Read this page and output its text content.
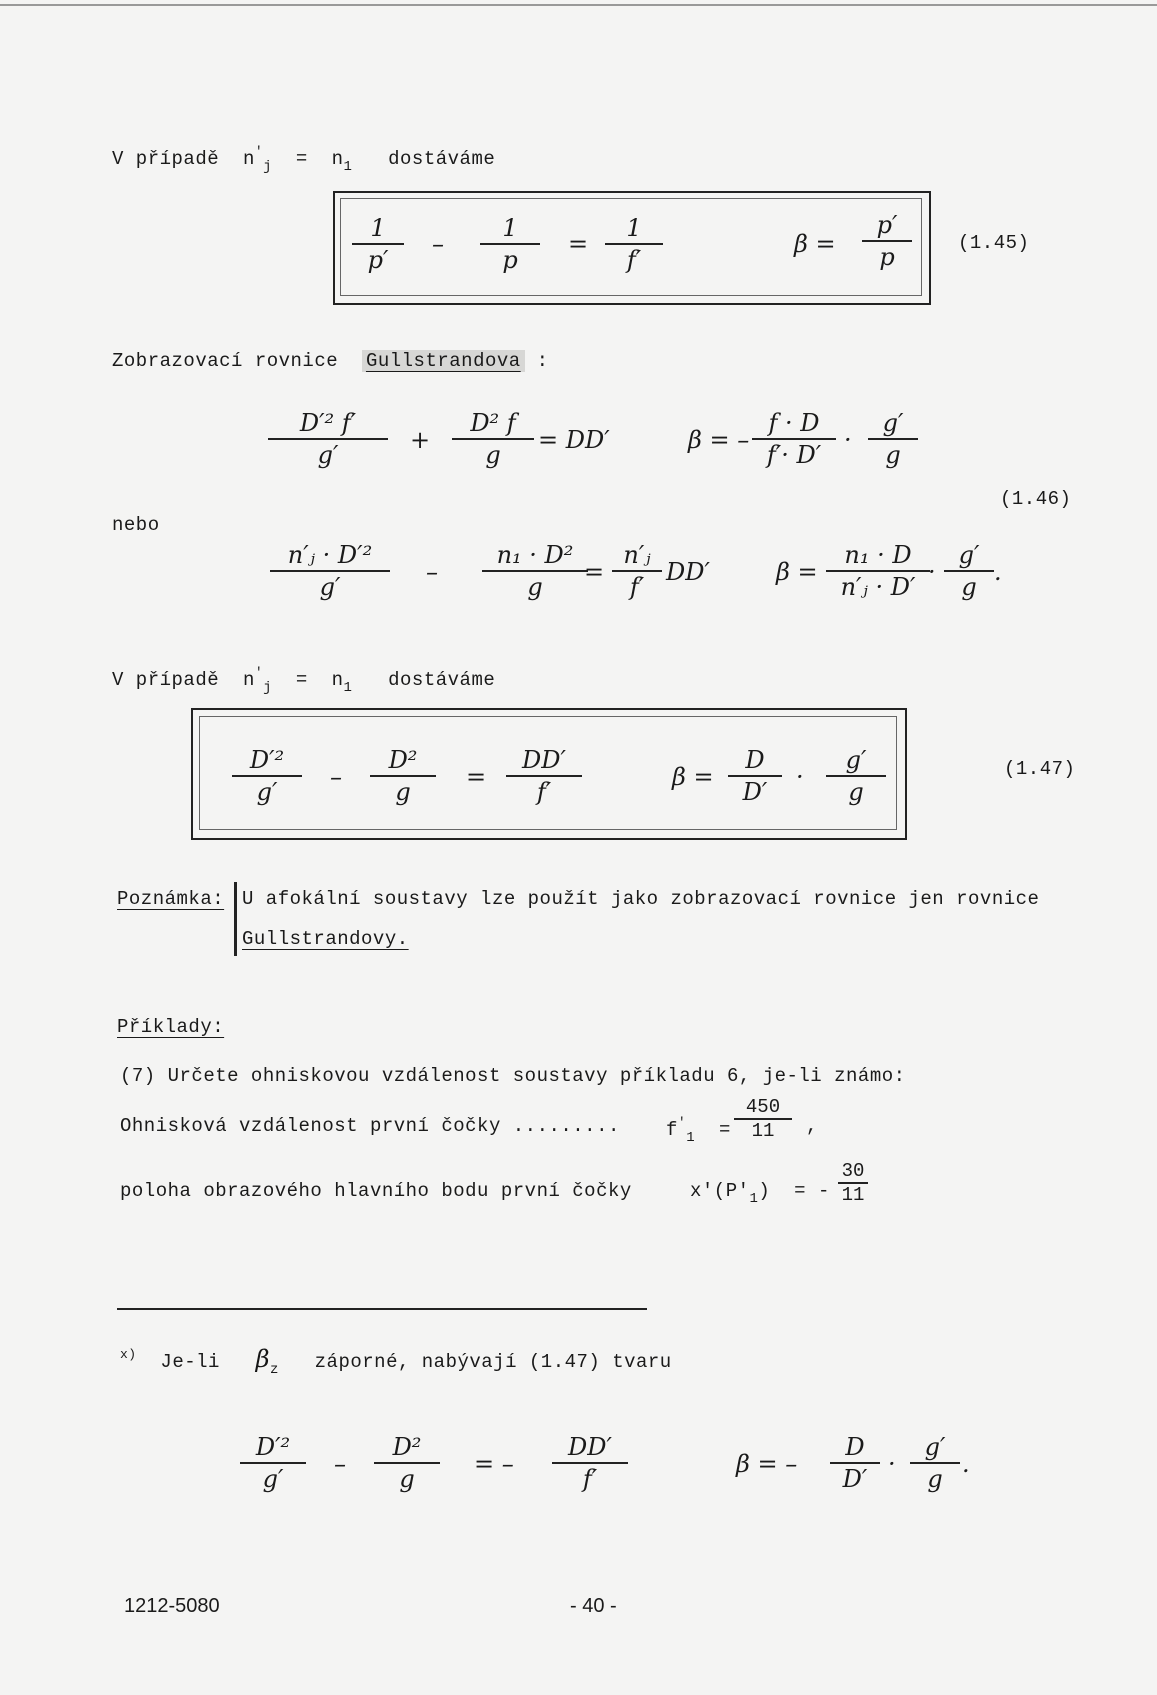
V případě $n'_j = n_1$ dostáváme
1
p′
–
1
p
=
1
f′
β =
p′
p	(1.45)
Zobrazovací rovnice Gullstrandova :
D′² f′
g′
+
D² f
g
= DD′	β = –
f · D
f′· D′
·
g′
g
(1.46)
nebo
n′ⱼ · D′²
g′
–
n₁ · D²
g
=
n′ⱼ
f′
DD′	β =
n₁ · D
n′ⱼ · D′
·
g′
g
.
V případě $n'_j = n_1$ dostáváme
D′²
g′
–
D²
g
=
DD′
f′
β =
D
D′
·
g′
g
(1.47)
Poznámka: U afokální soustavy lze použít jako zobrazovací rovnice jen rovnice
Gullstrandovy.
Příklady:
(7) Určete ohniskovou vzdálenost soustavy příkladu 6, je-li známo:
Ohnisková vzdálenost první čočky ......... $f'_1$ =
450
11 ,
poloha obrazového hlavního bodu první čočky	$x'(P'_1)$ = -
30
11
$^{x)}$ Je-li $\beta_z$ záporné, nabývají (1.47) tvaru
D′²
g′
–
D²
g
= –
DD′
f′
β = –
D
D′
·
g′
g
.
1212-5080	- 40 -
